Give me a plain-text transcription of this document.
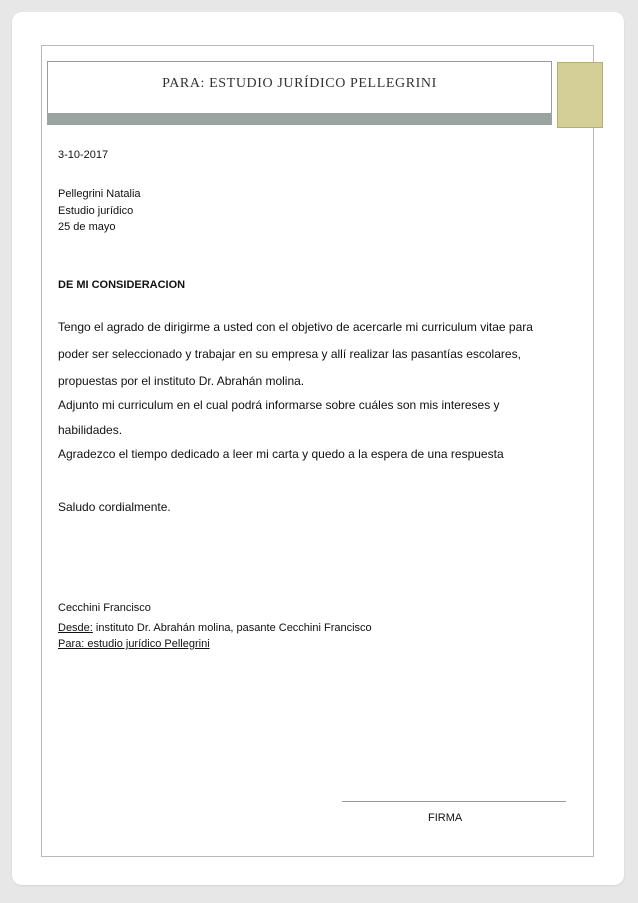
PARA: ESTUDIO JURÍDICO PELLEGRINI
3-10-2017
Pellegrini Natalia
Estudio jurídico
25 de mayo
DE MI CONSIDERACION
Tengo el agrado de dirigirme a usted con el objetivo de acercarle mi curriculum vitae para
poder ser seleccionado y trabajar en su empresa y allí realizar las pasantías escolares,
propuestas por el instituto Dr. Abrahán molina.
Adjunto mi curriculum en el cual podrá informarse sobre cuáles son mis intereses y
habilidades.
Agradezco el tiempo dedicado a leer mi carta y quedo a la espera de una respuesta
Saludo cordialmente.
Cecchini Francisco
Desde: instituto Dr. Abrahán molina, pasante Cecchini Francisco
Para: estudio jurídico Pellegrini
FIRMA
